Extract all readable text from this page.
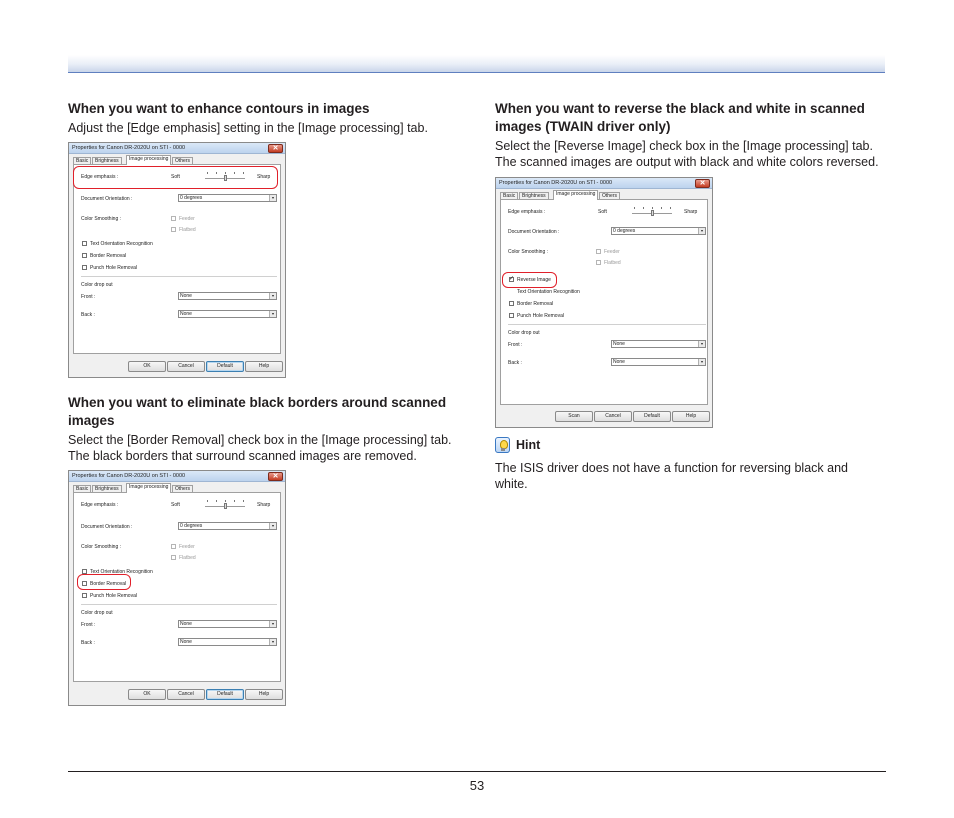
When you want to enhance contours in images

Adjust the [Edge emphasis] setting in the [Image processing] tab.

Properties for Canon DR-2020U on STI - 0000	✕
Basic	Brightness	Image processing	Others
Edge emphasis :	Soft	Sharp
Document Orientation :	0 degrees	▾
Color Smoothing :	Feeder
Flatbed
Text Orientation Recognition
Border Removal
Punch Hole Removal
Color drop out
Front :	None	▾
Back :	None	▾
OK	Cancel	Default	Help
When you want to eliminate black borders around scanned images

Select the [Border Removal] check box in the [Image processing] tab. The black borders that surround scanned images are removed.

Properties for Canon DR-2020U on STI - 0000	✕
Basic	Brightness	Image processing	Others
Edge emphasis :	Soft	Sharp
Document Orientation :	0 degrees	▾
Color Smoothing :	Feeder
Flatbed
Text Orientation Recognition
Border Removal
Punch Hole Removal
Color drop out
Front :	None	▾
Back :	None	▾
OK	Cancel	Default	Help
When you want to reverse the black and white in scanned images (TWAIN driver only)

Select the [Reverse Image] check box in the [Image processing] tab. The scanned images are output with black and white colors reversed.

Properties for Canon DR-2020U on STI - 0000	✕
Basic	Brightness	Image processing	Others
Edge emphasis :	Soft	Sharp
Document Orientation :	0 degrees	▾
Color Smoothing :	Feeder
Flatbed
✓
Reverse Image
Text Orientation Recognition
Border Removal
Punch Hole Removal
Color drop out
Front :	None	▾
Back :	None	▾
Scan	Cancel	Default	Help
Hint

The ISIS driver does not have a function for reversing black and white.

53
